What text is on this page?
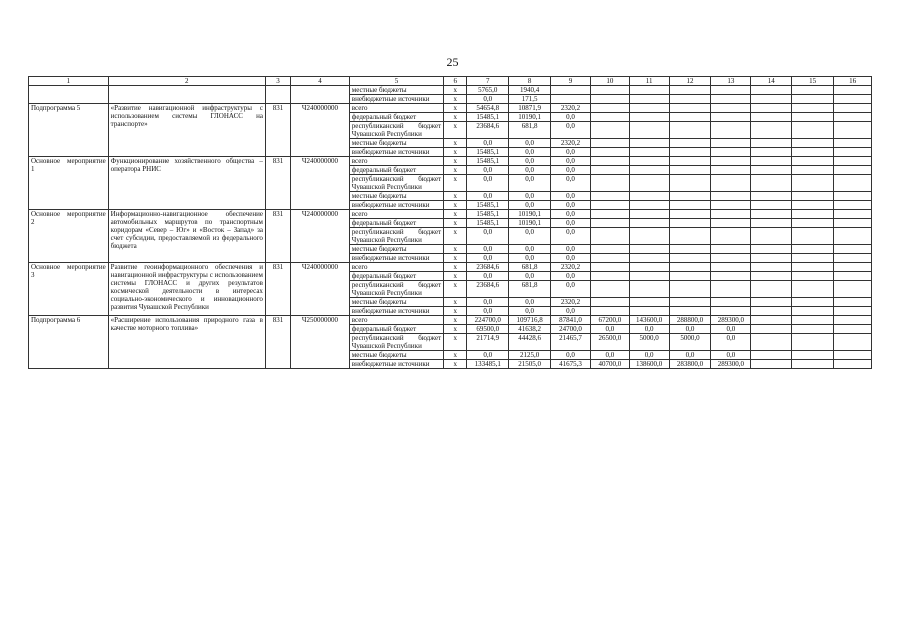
25
1	2	3	4	5	6	7	8	9	10	11	12	13	14	15	16
				местные бюджеты	x	5765,0	1940,4								
				внебюджетные источники	x	0,0	171,5								
Подпрограмма 5	«Развитие навигационной инфраструктуры с использованием системы ГЛОНАСС на транспорте»	831	Ч240000000	всего	x	54654,8	10871,9	2320,2							
				федеральный бюджет	x	15485,1	10190,1	0,0							
				республиканский бюджет Чувашской Республики	x	23684,6	681,8	0,0							
				местные бюджеты	x	0,0	0,0	2320,2							
				внебюджетные источники	x	15485,1	0,0	0,0							
Основное мероприятие 1	Функционирование хозяйственного общества – оператора РНИС	831	Ч240000000	всего	x	15485,1	0,0	0,0							
				федеральный бюджет	x	0,0	0,0	0,0							
				республиканский бюджет Чувашской Республики	x	0,0	0,0	0,0							
				местные бюджеты	x	0,0	0,0	0,0							
				внебюджетные источники	x	15485,1	0,0	0,0							
Основное мероприятие 2	Информационно-навигационное обеспечение автомобильных маршрутов по транспортным коридорам «Север – Юг» и «Восток – Запад» за счет субсидии, предоставляемой из федерального бюджета	831	Ч240000000	всего	x	15485,1	10190,1	0,0							
				федеральный бюджет	x	15485,1	10190,1	0,0							
				республиканский бюджет Чувашской Республики	x	0,0	0,0	0,0							
				местные бюджеты	x	0,0	0,0	0,0							
				внебюджетные источники	x	0,0	0,0	0,0							
Основное мероприятие 3	Развитие геоинформационного обеспечения и навигационной инфраструктуры с использованием системы ГЛОНАСС и других результатов космической деятельности в интересах социально-экономического и инновационного развития Чувашской Республики	831	Ч240000000	всего	x	23684,6	681,8	2320,2							
				федеральный бюджет	x	0,0	0,0	0,0							
				республиканский бюджет Чувашской Республики	x	23684,6	681,8	0,0							
				местные бюджеты	x	0,0	0,0	2320,2							
				внебюджетные источники	x	0,0	0,0	0,0							
Подпрограмма 6	«Расширение использования природного газа в качестве моторного топлива»	831	Ч250000000	всего	x	224700,0	109716,8	87841,0	67200,0	143600,0	288800,0	289300,0			
				федеральный бюджет	x	69500,0	41638,2	24700,0	0,0	0,0	0,0	0,0			
				республиканский бюджет Чувашской Республики	x	21714,9	44428,6	21465,7	26500,0	5000,0	5000,0	0,0			
				местные бюджеты	x	0,0	2125,0	0,0	0,0	0,0	0,0	0,0			
				внебюджетные источники	x	133485,1	21505,0	41675,3	40700,0	138600,0	283800,0	289300,0			
